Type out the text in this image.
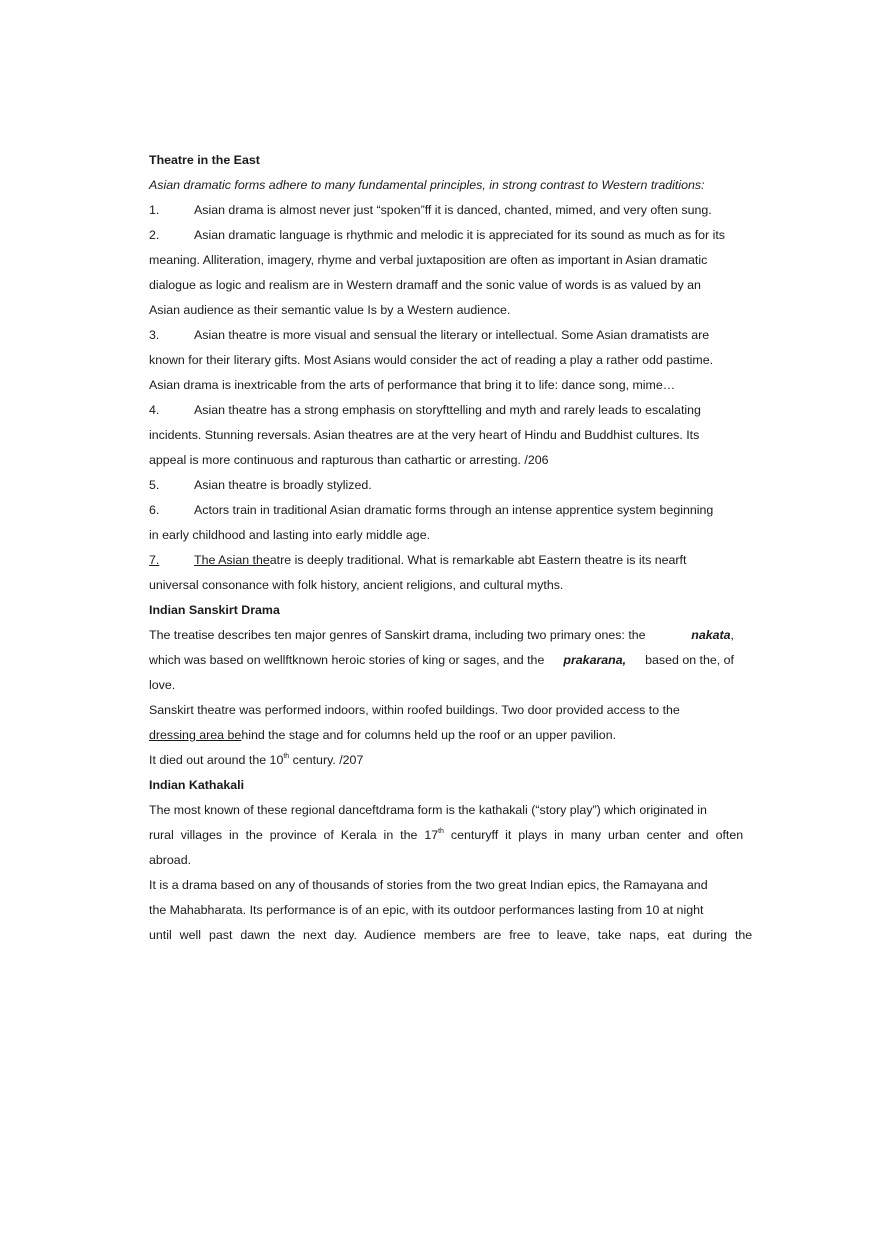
Theatre in the East
Asian dramatic forms adhere to many fundamental principles, in strong contrast to Western traditions:
1.	Asian drama is almost never just “spoken”ff it is danced, chanted, mimed, and very often sung.
2.	Asian dramatic language is rhythmic and melodic it is appreciated for its sound as much as for its
meaning. Alliteration, imagery, rhyme and verbal juxtaposition are often as important in Asian dramatic
dialogue as logic and realism are in Western dramaff and the sonic value of words is as valued by an
Asian audience as their semantic value Is by a Western audience.
3.	Asian theatre is more visual and sensual the literary or intellectual. Some Asian dramatists are
known for their literary gifts. Most Asians would consider the act of reading a play a rather odd pastime.
Asian drama is inextricable from the arts of performance that bring it to life: dance song, mime…
4.	Asian theatre has a strong emphasis on storyfttelling and myth and rarely leads to escalating
incidents. Stunning reversals. Asian theatres are at the very heart of Hindu and Buddhist cultures. Its
appeal is more continuous and rapturous than cathartic or arresting. /206
5.	Asian theatre is broadly stylized.
6.	Actors train in traditional Asian dramatic forms through an intense apprentice system beginning
in early childhood and lasting into early middle age.
7.	The Asian theatre is deeply traditional. What is remarkable abt Eastern theatre is its nearft
universal consonance with folk history, ancient religions, and cultural myths.
Indian Sanskirt Drama
The treatise describes ten major genres of Sanskirt drama, including two primary ones: the	nakata,
which was based on wellftknown heroic stories of king or sages, and the prakarana, based on the, of
love.
Sanskirt theatre was performed indoors, within roofed buildings. Two door provided access to the
dressing area behind the stage and for columns held up the roof or an upper pavilion.
It died out around the 10th century. /207
Indian Kathakali
The most known of these regional danceftdrama form is the kathakali (“story play”) which originated in
rural villages in the province of Kerala in the 17th centuryff it plays in many urban center and often
abroad.
It is a drama based on any of thousands of stories from the two great Indian epics, the Ramayana and
the Mahabharata. Its performance is of an epic, with its outdoor performances lasting from 10 at night
until well past dawn the next day. Audience members are free to leave, take naps, eat during the
